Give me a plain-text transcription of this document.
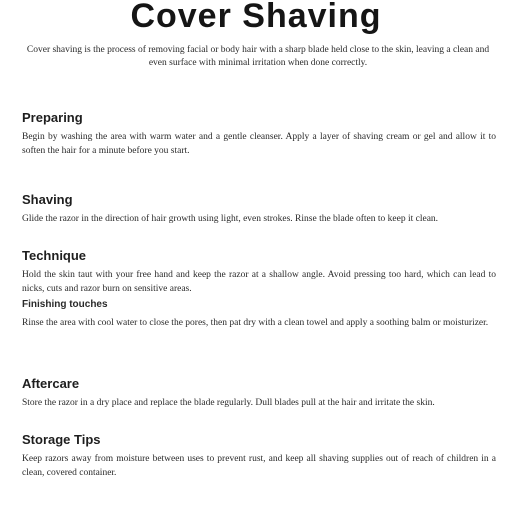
Cover Shaving
Cover shaving is the process of removing facial or body hair with a sharp blade held close to the skin, leaving a clean and even surface with minimal irritation when done correctly.
Preparing
Begin by washing the area with warm water and a gentle cleanser. Apply a layer of shaving cream or gel and allow it to soften the hair for a minute before you start.
Shaving
Glide the razor in the direction of hair growth using light, even strokes. Rinse the blade often to keep it clean.
Technique
Hold the skin taut with your free hand and keep the razor at a shallow angle. Avoid pressing too hard, which can lead to nicks, cuts and razor burn on sensitive areas.
Finishing touches
Rinse the area with cool water to close the pores, then pat dry with a clean towel and apply a soothing balm or moisturizer.
Aftercare
Store the razor in a dry place and replace the blade regularly. Dull blades pull at the hair and irritate the skin.
Storage Tips
Keep razors away from moisture between uses to prevent rust, and keep all shaving supplies out of reach of children in a clean, covered container.
